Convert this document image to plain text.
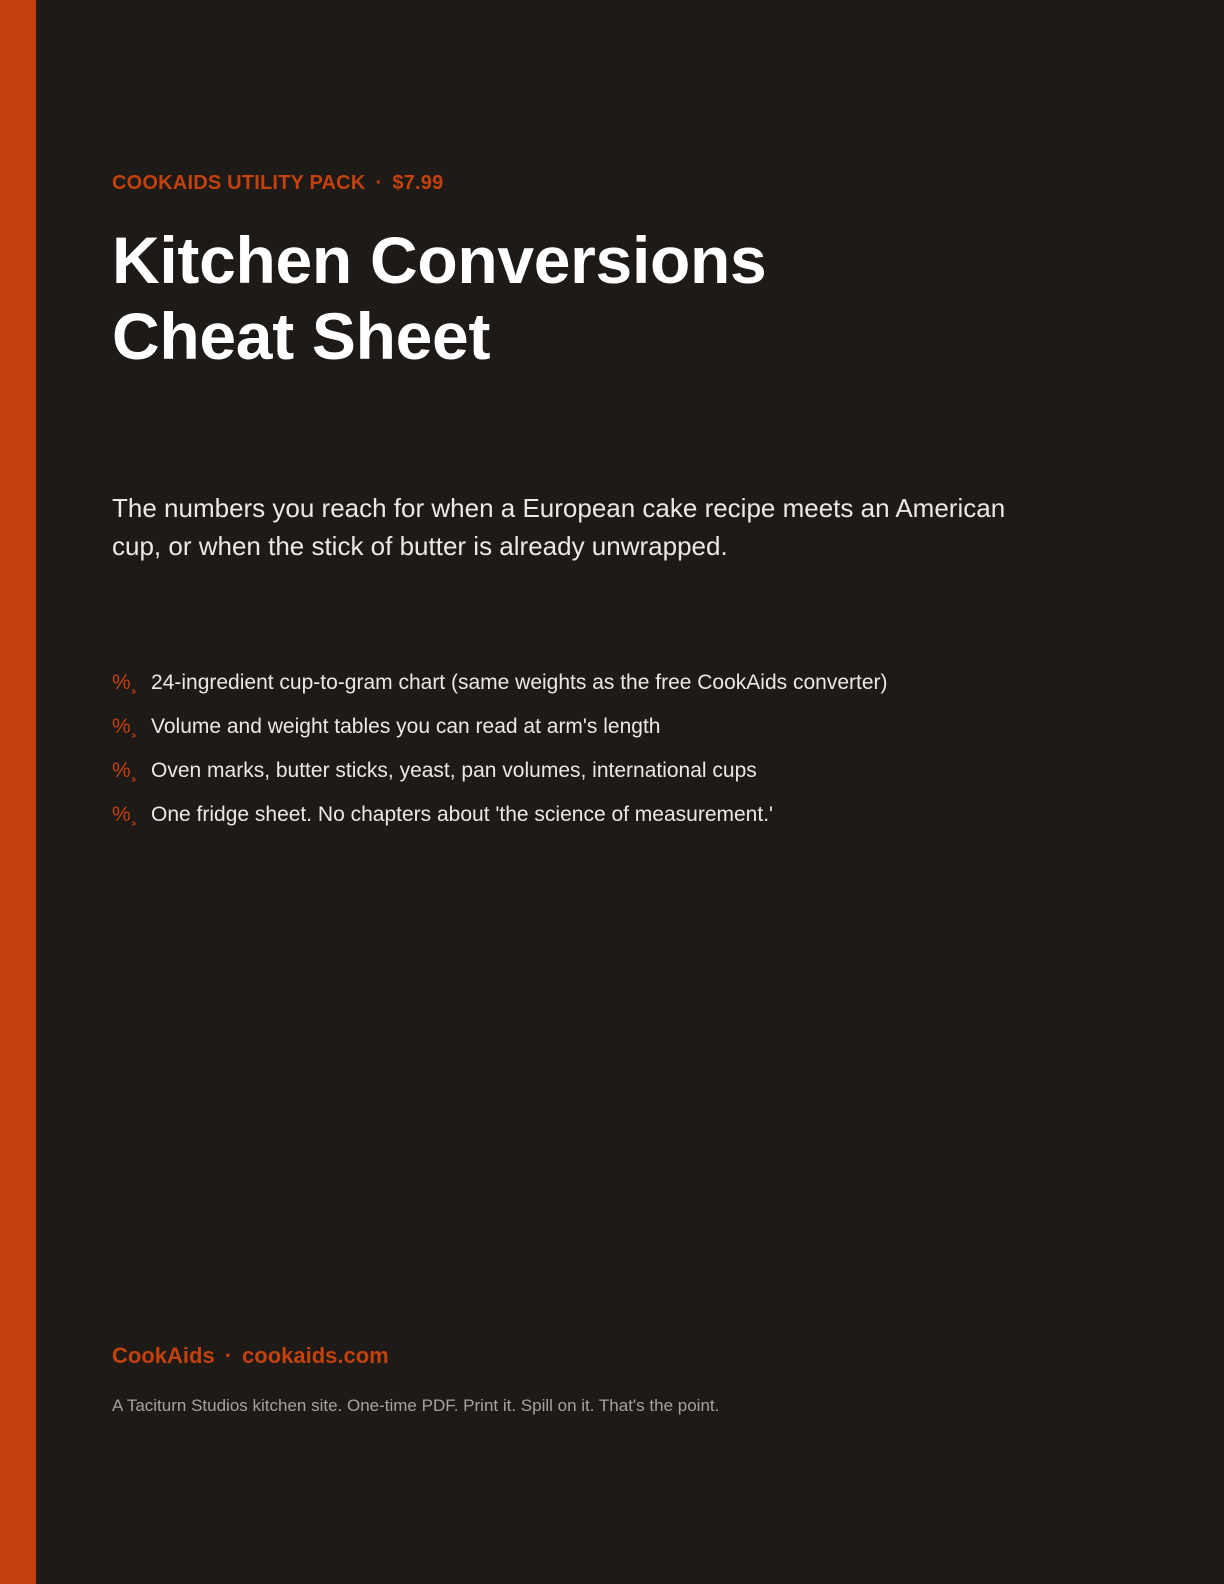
COOKAIDS UTILITY PACK · $7.99
Kitchen Conversions
Cheat Sheet

The numbers you reach for when a European cake recipe meets an American cup, or when the stick of butter is already unwrapped.

%¸ 24-ingredient cup-to-gram chart (same weights as the free CookAids converter)
%¸ Volume and weight tables you can read at arm's length
%¸ Oven marks, butter sticks, yeast, pan volumes, international cups
%¸ One fridge sheet. No chapters about 'the science of measurement.'
CookAids · cookaids.com
A Taciturn Studios kitchen site. One-time PDF. Print it. Spill on it. That's the point.
